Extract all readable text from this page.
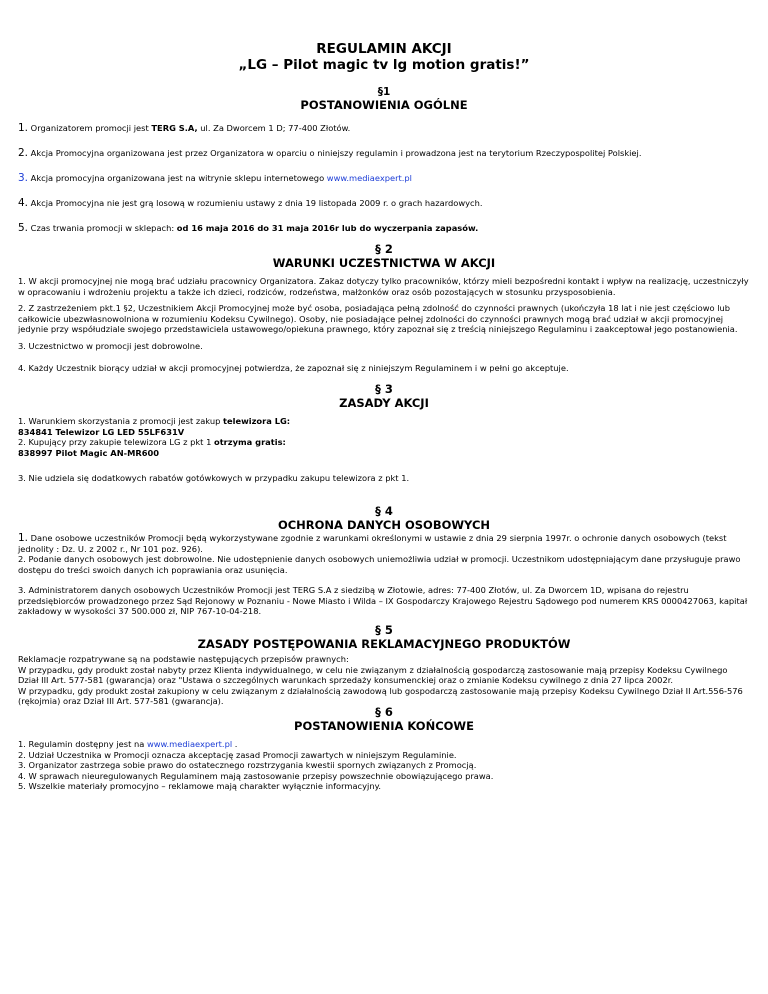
REGULAMIN AKCJI
„LG – Pilot magic tv lg motion gratis!”
§1
POSTANOWIENIA OGÓLNE

1. Organizatorem promocji jest TERG S.A, ul. Za Dworcem 1 D; 77-400 Złotów.

2. Akcja Promocyjna organizowana jest przez Organizatora w oparciu o niniejszy regulamin i prowadzona jest na terytorium Rzeczypospolitej Polskiej.

3. Akcja promocyjna organizowana jest na witrynie sklepu internetowego www.mediaexpert.pl

4. Akcja Promocyjna nie jest grą losową w rozumieniu ustawy z dnia 19 listopada 2009 r. o grach hazardowych.

5. Czas trwania promocji w sklepach: od 16 maja 2016 do 31 maja 2016r lub do wyczerpania zapasów.

§ 2
WARUNKI UCZESTNICTWA W AKCJI

1. W akcji promocyjnej nie mogą brać udziału pracownicy Organizatora. Zakaz dotyczy tylko pracowników, którzy mieli bezpośredni kontakt i wpływ na realizację, uczestniczyły w opracowaniu i wdrożeniu projektu a także ich dzieci, rodziców, rodzeństwa, małżonków oraz osób pozostających w stosunku przysposobienia.

2. Z zastrzeżeniem pkt.1 §2, Uczestnikiem Akcji Promocyjnej może być osoba, posiadająca pełną zdolność do czynności prawnych (ukończyła 18 lat i nie jest częściowo lub całkowicie ubezwłasnowolniona w rozumieniu Kodeksu Cywilnego). Osoby, nie posiadające pełnej zdolności do czynności prawnych mogą brać udział w akcji promocyjnej jedynie przy współudziale swojego przedstawiciela ustawowego/opiekuna prawnego, który zapoznał się z treścią niniejszego Regulaminu i zaakceptował jego postanowienia.

3. Uczestnictwo w promocji jest dobrowolne.

4. Każdy Uczestnik biorący udział w akcji promocyjnej potwierdza, że zapoznał się z niniejszym Regulaminem i w pełni go akceptuje.

§ 3
ZASADY AKCJI

1. Warunkiem skorzystania z promocji jest zakup telewizora LG:
834841 Telewizor LG LED 55LF631V
2. Kupujący przy zakupie telewizora LG z pkt 1 otrzyma gratis:
838997 Pilot Magic AN-MR600

3. Nie udziela się dodatkowych rabatów gotówkowych w przypadku zakupu telewizora z pkt 1.

§ 4
OCHRONA DANYCH OSOBOWYCH

1. Dane osobowe uczestników Promocji będą wykorzystywane zgodnie z warunkami określonymi w ustawie z dnia 29 sierpnia 1997r. o ochronie danych osobowych (tekst jednolity : Dz. U. z 2002 r., Nr 101 poz. 926).
2. Podanie danych osobowych jest dobrowolne. Nie udostępnienie danych osobowych uniemożliwia udział w promocji. Uczestnikom udostępniającym dane przysługuje prawo dostępu do treści swoich danych ich poprawiania oraz usunięcia.

3. Administratorem danych osobowych Uczestników Promocji jest TERG S.A z siedzibą w Złotowie, adres: 77-400 Złotów, ul. Za Dworcem 1D, wpisana do rejestru przedsiębiorców prowadzonego przez Sąd Rejonowy w Poznaniu - Nowe Miasto i Wilda – IX Gospodarczy Krajowego Rejestru Sądowego pod numerem KRS 0000427063, kapitał zakładowy w wysokości 37 500.000 zł, NIP 767-10-04-218.

§ 5
ZASADY POSTĘPOWANIA REKLAMACYJNEGO PRODUKTÓW

Reklamacje rozpatrywane są na podstawie następujących przepisów prawnych:
W przypadku, gdy produkt został nabyty przez Klienta indywidualnego, w celu nie związanym z działalnością gospodarczą zastosowanie mają przepisy Kodeksu Cywilnego Dział III Art. 577-581 (gwarancja) oraz "Ustawa o szczególnych warunkach sprzedaży konsumenckiej oraz o zmianie Kodeksu cywilnego z dnia 27 lipca 2002r.
W przypadku, gdy produkt został zakupiony w celu związanym z działalnością zawodową lub gospodarczą zastosowanie mają przepisy Kodeksu Cywilnego Dział II Art.556-576 (rękojmia) oraz Dział III Art. 577-581 (gwarancja).

§ 6
POSTANOWIENIA KOŃCOWE

1. Regulamin dostępny jest na www.mediaexpert.pl .
2. Udział Uczestnika w Promocji oznacza akceptację zasad Promocji zawartych w niniejszym Regulaminie.
3. Organizator zastrzega sobie prawo do ostatecznego rozstrzygania kwestii spornych związanych z Promocją.
4. W sprawach nieuregulowanych Regulaminem mają zastosowanie przepisy powszechnie obowiązującego prawa.
5. Wszelkie materiały promocyjno – reklamowe mają charakter wyłącznie informacyjny.
